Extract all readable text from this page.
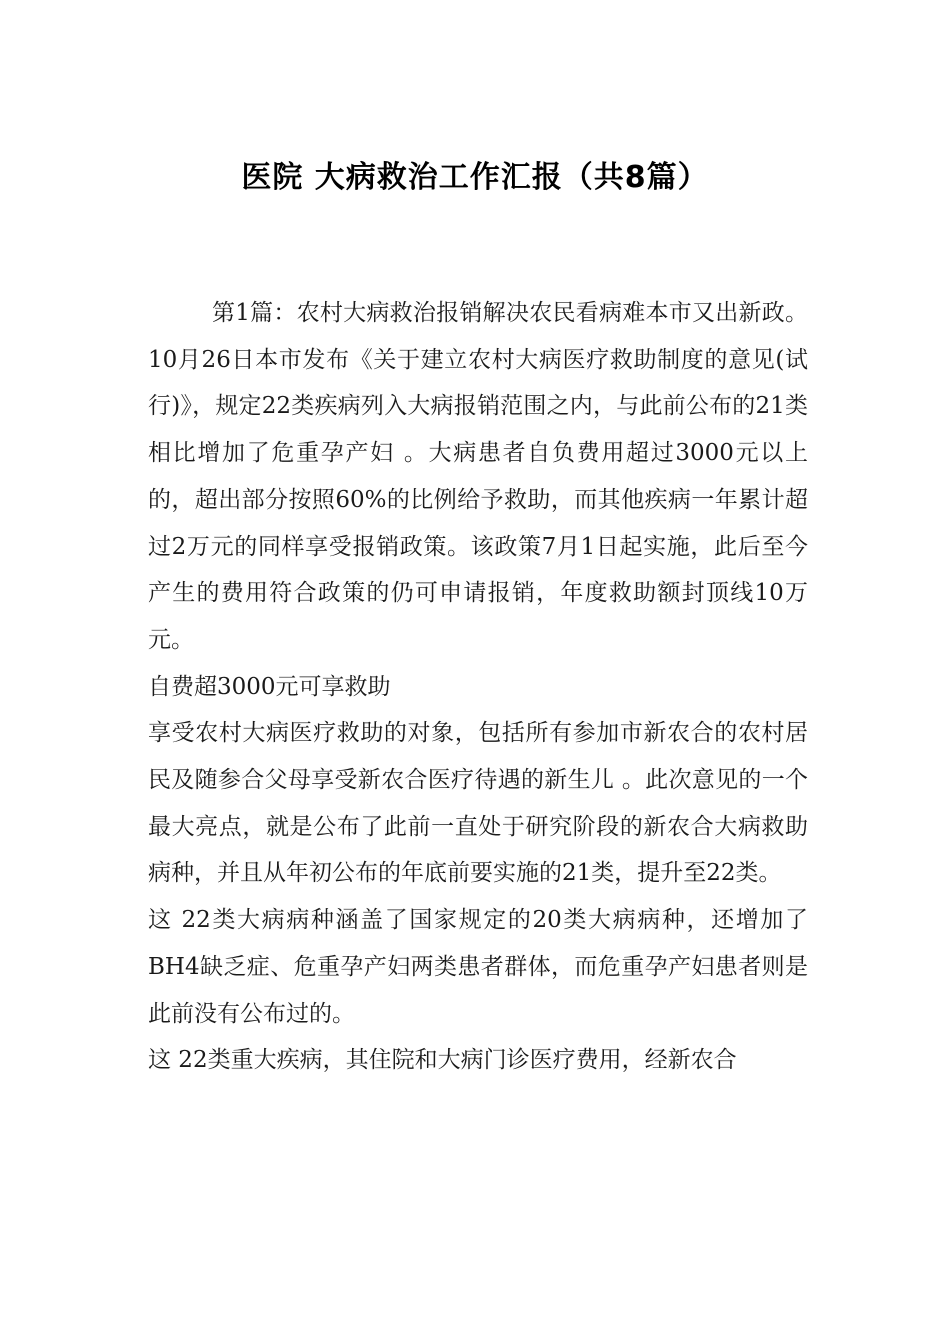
医院 大病救治工作汇报（共8篇）

第1篇：农村大病救治报销解决农民看病难本市又出新政。10月26日本市发布《关于建立农村大病医疗救助制度的意见(试行)》，规定22类疾病列入大病报销范围之内，与此前公布的21类相比增加了危重孕产妇 。大病患者自负费用超过3000元以上的，超出部分按照60%的比例给予救助，而其他疾病一年累计超过2万元的同样享受报销政策。该政策7月1日起实施，此后至今产生的费用符合政策的仍可申请报销，年度救助额封顶线10万元。

自费超3000元可享救助

享受农村大病医疗救助的对象，包括所有参加市新农合的农村居民及随参合父母享受新农合医疗待遇的新生儿 。此次意见的一个最大亮点，就是公布了此前一直处于研究阶段的新农合大病救助病种，并且从年初公布的年底前要实施的21类，提升至22类。

这 22类大病病种涵盖了国家规定的20类大病病种，还增加了BH4缺乏症、危重孕产妇两类患者群体，而危重孕产妇患者则是此前没有公布过的。

这 22类重大疾病，其住院和大病门诊医疗费用，经新农合
